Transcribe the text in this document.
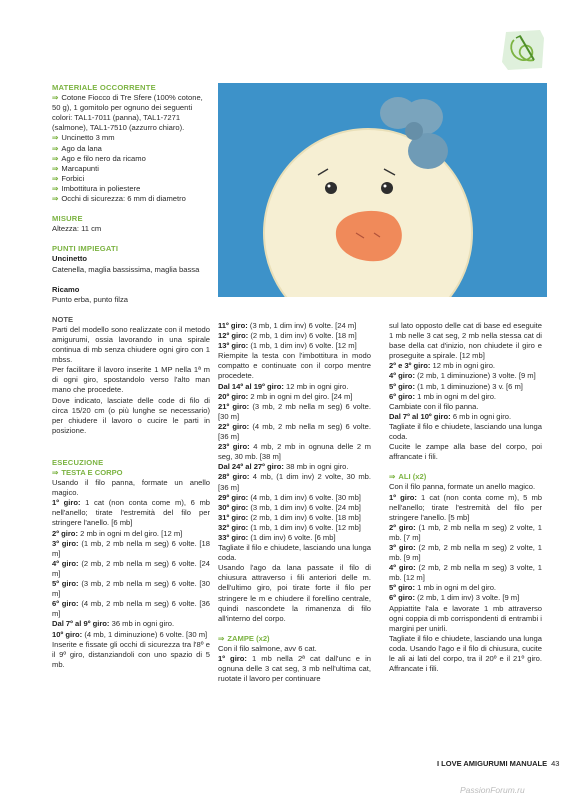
MATERIALE OCCORRENTE
⇒ Cotone Fiocco di Tre Sfere (100% cotone, 50 g), 1 gomitolo per ognuno dei seguenti colori: TAL1-7011 (panna), TAL1-7271 (salmone), TAL1-7510 (azzurro chiaro).
⇒ Uncinetto 3 mm
⇒ Ago da lana
⇒ Ago e filo nero da ricamo
⇒ Marcapunti
⇒ Forbici
⇒ Imbottitura in poliestere
⇒ Occhi di sicurezza: 6 mm di diametro
MISURE
Altezza: 11 cm
PUNTI IMPIEGATI
Uncinetto
Catenella, maglia bassissima, maglia bassa
Ricamo
Punto erba, punto filza
NOTE

Parti del modello sono realizzate con il metodo amigurumi, ossia lavorando in una spirale continua di mb senza chiudere ogni giro con 1 mbss.

Per facilitare il lavoro inserite 1 MP nella 1ª m di ogni giro, spostandolo verso l'alto man mano che procedete.

Dove indicato, lasciate delle code di filo di circa 15/20 cm (o più lunghe se necessario) per chiudere il lavoro o cucire le parti in posizione.

ESECUZIONE
⇒ TESTA E CORPO

Usando il filo panna, formate un anello magico.

1º giro: 1 cat (non conta come m), 6 mb nell'anello; tirate l'estremità del filo per stringere l'anello. [6 mb]

2º giro: 2 mb in ogni m del giro. [12 m]

3º giro: (1 mb, 2 mb nella m seg) 6 volte. [18 m]

4º giro: (2 mb, 2 mb nella m seg) 6 volte. [24 m]

5º giro: (3 mb, 2 mb nella m seg) 6 volte. [30 m]

6º giro: (4 mb, 2 mb nella m seg) 6 volte. [36 m]

Dal 7º al 9º giro: 36 mb in ogni giro.

10º giro: (4 mb, 1 diminuzione) 6 volte. [30 m]

Inserite e fissate gli occhi di sicurezza tra l'8º e il 9º giro, distanziandoli con uno spazio di 5 mb.

11º giro: (3 mb, 1 dim inv) 6 volte. [24 m]

12º giro: (2 mb, 1 dim inv) 6 volte. [18 m]

13º giro: (1 mb, 1 dim inv) 6 volte. [12 m]

Riempite la testa con l'imbottitura in modo compatto e continuate con il corpo mentre procedete.

Dal 14º al 19º giro: 12 mb in ogni giro.

20º giro: 2 mb in ogni m del giro. [24 m]

21º giro: (3 mb, 2 mb nella m seg) 6 volte. [30 m]

22º giro: (4 mb, 2 mb nella m seg) 6 volte. [36 m]

23º giro: 4 mb, 2 mb in ognuna delle 2 m seg, 30 mb. [38 m]

Dal 24º al 27º giro: 38 mb in ogni giro.

28º giro: 4 mb, (1 dim inv) 2 volte, 30 mb. [36 m]

29º giro: (4 mb, 1 dim inv) 6 volte. [30 mb]

30º giro: (3 mb, 1 dim inv) 6 volte. [24 mb]

31º giro: (2 mb, 1 dim inv) 6 volte. [18 mb]

32º giro: (1 mb, 1 dim inv) 6 volte. [12 mb]

33º giro: (1 dim inv) 6 volte. [6 mb]

Tagliate il filo e chiudete, lasciando una lunga coda.

Usando l'ago da lana passate il filo di chiusura attraverso i fili anteriori delle m. dell'ultimo giro, poi tirate forte il filo per stringere le m e chiudere il forellino centrale, quindi nascondete la rimanenza di filo all'interno del corpo.

⇒ ZAMPE (x2)

Con il filo salmone, avv 6 cat.

1º giro: 1 mb nella 2ª cat dall'unc e in ognuna delle 3 cat seg, 3 mb nell'ultima cat, ruotate il lavoro per continuare

sul lato opposto delle cat di base ed eseguite 1 mb nelle 3 cat seg, 2 mb nella stessa cat di base della cat d'inizio, non chiudete il giro e proseguite a spirale. [12 mb]

2º e 3º giro: 12 mb in ogni giro.

4º giro: (2 mb, 1 diminuzione) 3 volte. [9 m]

5º giro: (1 mb, 1 diminuzione) 3 v. [6 m]

6º giro: 1 mb in ogni m del giro.

Cambiate con il filo panna.

Dal 7º al 10º giro: 6 mb in ogni giro.

Tagliate il filo e chiudete, lasciando una lunga coda.

Cucite le zampe alla base del corpo, poi affrancate i fili.

⇒ ALI (x2)

Con il filo panna, formate un anello magico.

1º giro: 1 cat (non conta come m), 5 mb nell'anello; tirate l'estremità del filo per stringere l'anello. [5 mb]

2º giro: (1 mb, 2 mb nella m seg) 2 volte, 1 mb. [7 m]

3º giro: (2 mb, 2 mb nella m seg) 2 volte, 1 mb. [9 m]

4º giro: (2 mb, 2 mb nella m seg) 3 volte, 1 mb. [12 m]

5º giro: 1 mb in ogni m del giro.

6º giro: (2 mb, 1 dim inv) 3 volte. [9 m]

Appiattite l'ala e lavorate 1 mb attraverso ogni coppia di mb corrispondenti di entrambi i margini per unirli.

Tagliate il filo e chiudete, lasciando una lunga coda. Usando l'ago e il filo di chiusura, cucite le ali ai lati del corpo, tra il 20º e il 21º giro. Affrancate i fili.

I LOVE AMIGURUMI MANUALE 43
PassionForum.ru
